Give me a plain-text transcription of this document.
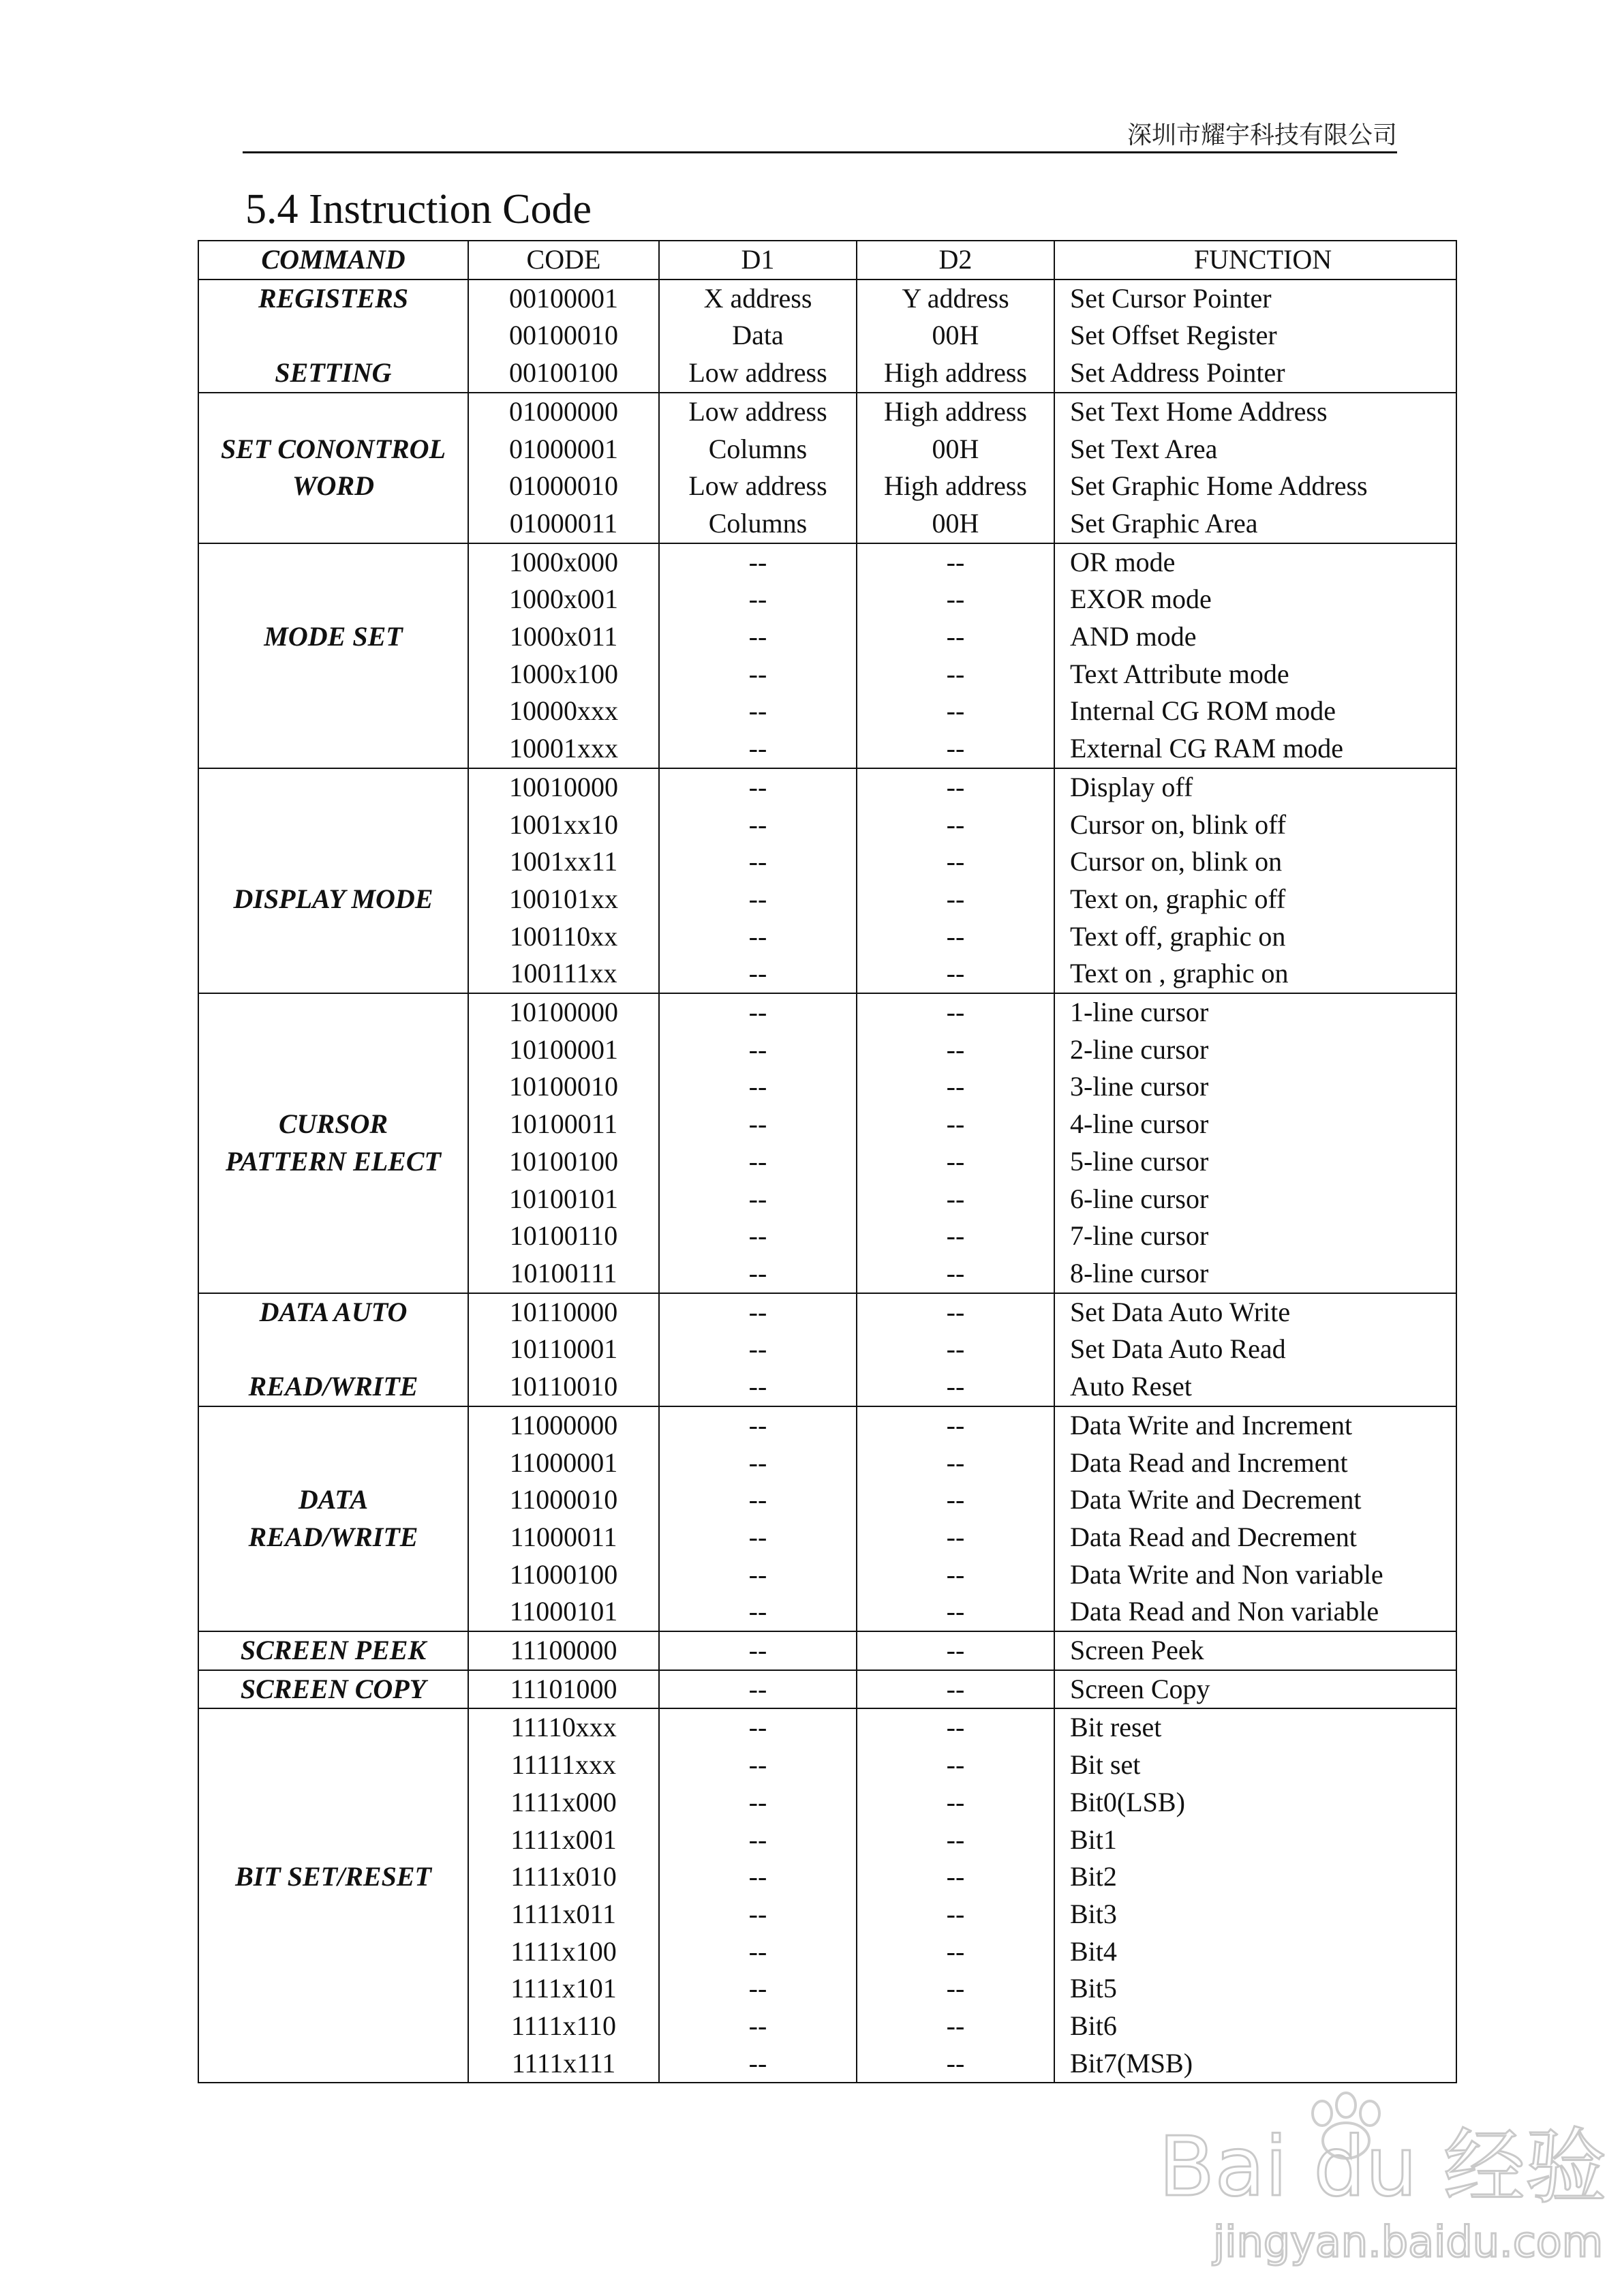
深圳市耀宇科技有限公司
5.4 Instruction Code
COMMAND	CODE	D1	D2	FUNCTION
REGISTERS	00100001	X address	Y address	Set Cursor Pointer
	00100010	Data	00H	Set Offset Register
SETTING	00100100	Low address	High address	Set Address Pointer
	01000000	Low address	High address	Set Text Home Address
SET CONONTROL	01000001	Columns	00H	Set Text Area
WORD	01000010	Low address	High address	Set Graphic Home Address
	01000011	Columns	00H	Set Graphic Area
	1000x000	--	--	OR mode
	1000x001	--	--	EXOR mode
MODE SET	1000x011	--	--	AND mode
	1000x100	--	--	Text Attribute mode
	10000xxx	--	--	Internal CG ROM mode
	10001xxx	--	--	External CG RAM mode
	10010000	--	--	Display off
	1001xx10	--	--	Cursor on, blink off
	1001xx11	--	--	Cursor on, blink on
DISPLAY MODE	100101xx	--	--	Text on, graphic off
	100110xx	--	--	Text off, graphic on
	100111xx	--	--	Text on , graphic on
	10100000	--	--	1-line cursor
	10100001	--	--	2-line cursor
	10100010	--	--	3-line cursor
CURSOR	10100011	--	--	4-line cursor
PATTERN ELECT	10100100	--	--	5-line cursor
	10100101	--	--	6-line cursor
	10100110	--	--	7-line cursor
	10100111	--	--	8-line cursor
DATA AUTO	10110000	--	--	Set Data Auto Write
	10110001	--	--	Set Data Auto Read
READ/WRITE	10110010	--	--	Auto Reset
	11000000	--	--	Data Write and Increment
	11000001	--	--	Data Read and Increment
DATA	11000010	--	--	Data Write and Decrement
READ/WRITE	11000011	--	--	Data Read and Decrement
	11000100	--	--	Data Write and Non variable
	11000101	--	--	Data Read and Non variable
SCREEN PEEK	11100000	--	--	Screen Peek
SCREEN COPY	11101000	--	--	Screen Copy
	11110xxx	--	--	Bit reset
	11111xxx	--	--	Bit set
	1111x000	--	--	Bit0(LSB)
	1111x001	--	--	Bit1
BIT SET/RESET	1111x010	--	--	Bit2
	1111x011	--	--	Bit3
	1111x100	--	--	Bit4
	1111x101	--	--	Bit5
	1111x110	--	--	Bit6
	1111x111	--	--	Bit7(MSB)
Bai du 经验
jingyan.baidu.com
